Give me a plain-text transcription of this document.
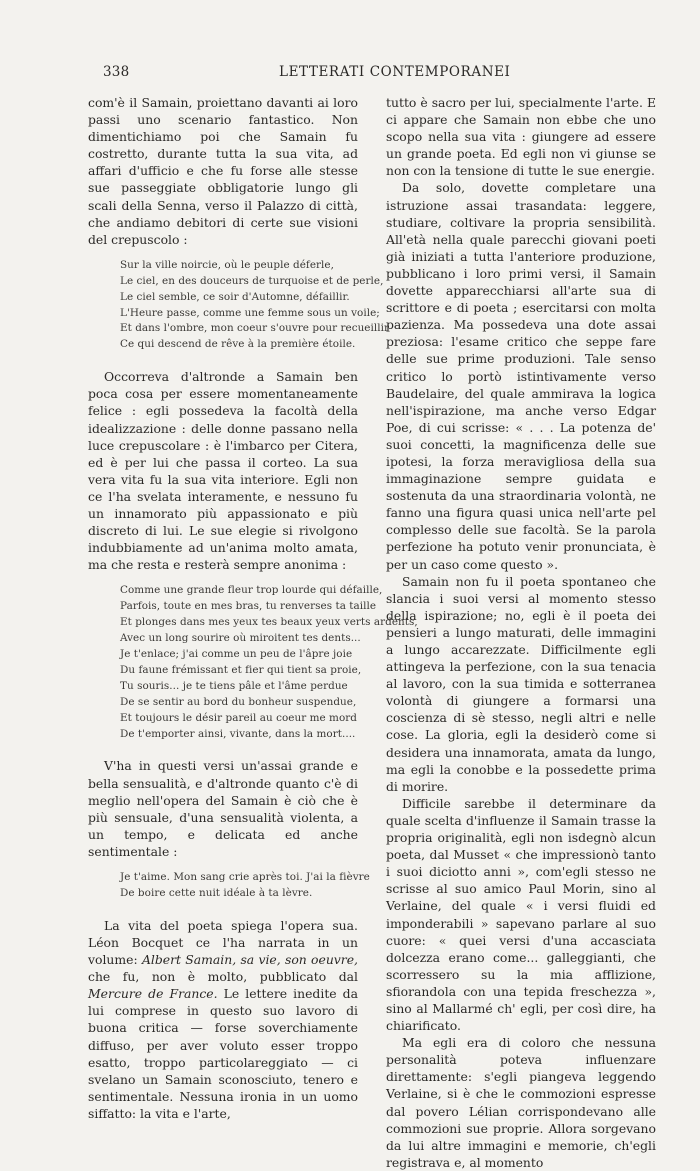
338	LETTERATI CONTEMPORANEI

com'è il Samain, proiettano davanti ai loro passi uno scenario fantastico. Non dimentichiamo poi che Samain fu costretto, durante tutta la sua vita, ad affari d'ufficio e che fu forse alle stesse sue passeggiate obbligatorie lungo gli scali della Senna, verso il Palazzo di città, che andiamo debitori di certe sue visioni del crepuscolo :

Sur la ville noircie, où le peuple déferle,
Le ciel, en des douceurs de turquoise et de perle,
Le ciel semble, ce soir d'Automne, défaillir.
L'Heure passe, comme une femme sous un voile;
Et dans l'ombre, mon coeur s'ouvre pour recueillir
Ce qui descend de rêve à la première étoile.

Occorreva d'altronde a Samain ben poca cosa per essere momentaneamente felice : egli possedeva la facoltà della idealizzazione : delle donne passano nella luce crepuscolare : è l'imbarco per Citera, ed è per lui che passa il corteo. La sua vera vita fu la sua vita interiore. Egli non ce l'ha svelata interamente, e nessuno fu un innamorato più appassionato e più discreto di lui. Le sue elegie si rivolgono indubbiamente ad un'anima molto amata, ma che resta e resterà sempre anonima :

Comme une grande fleur trop lourde qui défaille,
Parfois, toute en mes bras, tu renverses ta taille
Et plonges dans mes yeux tes beaux yeux verts ardents,
Avec un long sourire où miroitent tes dents...
Je t'enlace; j'ai comme un peu de l'âpre joie
Du faune frémissant et fier qui tient sa proie,
Tu souris... je te tiens pâle et l'âme perdue
De se sentir au bord du bonheur suspendue,
Et toujours le désir pareil au coeur me mord
De t'emporter ainsi, vivante, dans la mort....

V'ha in questi versi un'assai grande e bella sensualità, e d'altronde quanto c'è di meglio nell'opera del Samain è ciò che è più sensuale, d'una sensualità violenta, a un tempo, e delicata ed anche sentimentale :

Je t'aime. Mon sang crie après toi. J'ai la fièvre
De boire cette nuit idéale à ta lèvre.

La vita del poeta spiega l'opera sua. Léon Bocquet ce l'ha narrata in un volume: Albert Samain, sa vie, son oeuvre, che fu, non è molto, pubblicato dal Mercure de France. Le lettere inedite da lui comprese in questo suo lavoro di buona critica — forse soverchiamente diffuso, per aver voluto esser troppo esatto, troppo particolareggiato — ci svelano un Samain sconosciuto, tenero e sentimentale. Nessuna ironia in un uomo siffatto: la vita e l'arte,

tutto è sacro per lui, specialmente l'arte. E ci appare che Samain non ebbe che uno scopo nella sua vita : giungere ad essere un grande poeta. Ed egli non vi giunse se non con la tensione di tutte le sue energie.

Da solo, dovette completare una istruzione assai trasandata: leggere, studiare, coltivare la propria sensibilità. All'età nella quale parecchi giovani poeti già iniziati a tutta l'anteriore produzione, pubblicano i loro primi versi, il Samain dovette apparecchiarsi all'arte sua di scrittore e di poeta ; esercitarsi con molta pazienza. Ma possedeva una dote assai preziosa: l'esame critico che seppe fare delle sue prime produzioni. Tale senso critico lo portò istintivamente verso Baudelaire, del quale ammirava la logica nell'ispirazione, ma anche verso Edgar Poe, di cui scrisse: « . . . La potenza de' suoi concetti, la magnificenza delle sue ipotesi, la forza meravigliosa della sua immaginazione sempre guidata e sostenuta da una straordinaria volontà, ne fanno una figura quasi unica nell'arte pel complesso delle sue facoltà. Se la parola perfezione ha potuto venir pronunciata, è per un caso come questo ».

Samain non fu il poeta spontaneo che slancia i suoi versi al momento stesso della ispirazione; no, egli è il poeta dei pensieri a lungo maturati, delle immagini a lungo accarezzate. Difficilmente egli attingeva la perfezione, con la sua tenacia al lavoro, con la sua timida e sotterranea volontà di giungere a formarsi una coscienza di sè stesso, negli altri e nelle cose. La gloria, egli la desiderò come si desidera una innamorata, amata da lungo, ma egli la conobbe e la possedette prima di morire.

Difficile sarebbe il determinare da quale scelta d'influenze il Samain trasse la propria originalità, egli non isdegnò alcun poeta, dal Musset « che impressionò tanto i suoi diciotto anni », com'egli stesso ne scrisse al suo amico Paul Morin, sino al Verlaine, del quale « i versi fluidi ed imponderabili » sapevano parlare al suo cuore: « quei versi d'una accasciata dolcezza erano come... galleggianti, che scorressero su la mia afflizione, sfiorandola con una tepida freschezza », sino al Mallarmé ch' egli, per così dire, ha chiarificato.

Ma egli era di coloro che nessuna personalità poteva influenzare direttamente: s'egli piangeva leggendo Verlaine, si è che le commozioni espresse dal povero Lélian corrispondevano alle commozioni sue proprie. Allora sorgevano da lui altre immagini e memorie, ch'egli registrava e, al momento
